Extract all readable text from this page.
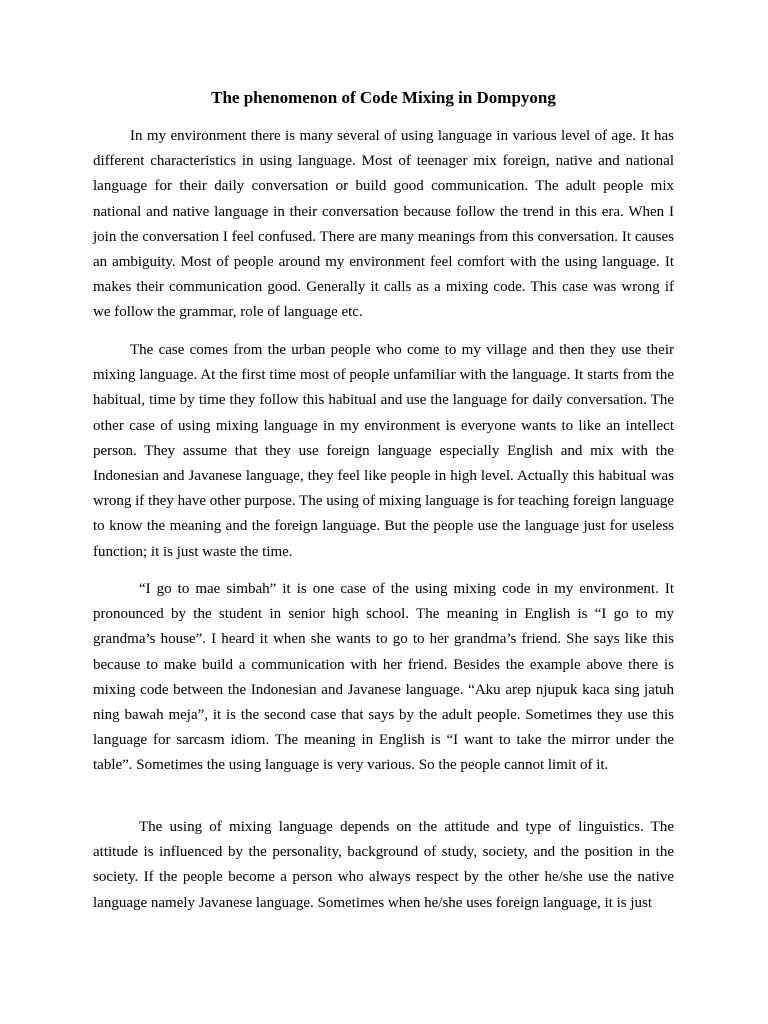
The phenomenon of Code Mixing in Dompyong

In my environment there is many several of using language in various level of age. It has different characteristics in using language. Most of teenager mix foreign, native and national language for their daily conversation or build good communication. The adult people mix national and native language in their conversation because follow the trend in this era. When I join the conversation I feel confused. There are many meanings from this conversation. It causes an ambiguity. Most of people around my environment feel comfort with the using language. It makes their communication good. Generally it calls as a mixing code. This case was wrong if we follow the grammar, role of language etc.

The case comes from the urban people who come to my village and then they use their mixing language. At the first time most of people unfamiliar with the language. It starts from the habitual, time by time they follow this habitual and use the language for daily conversation. The other case of using mixing language in my environment is everyone wants to like an intellect person. They assume that they use foreign language especially English and mix with the Indonesian and Javanese language, they feel like people in high level. Actually this habitual was wrong if they have other purpose. The using of mixing language is for teaching foreign language to know the meaning and the foreign language. But the people use the language just for useless function; it is just waste the time.

“I go to mae simbah” it is one case of the using mixing code in my environment. It pronounced by the student in senior high school. The meaning in English is “I go to my grandma’s house”. I heard it when she wants to go to her grandma’s friend. She says like this because to make build a communication with her friend. Besides the example above there is mixing code between the Indonesian and Javanese language. “Aku arep njupuk kaca sing jatuh ning bawah meja”, it is the second case that says by the adult people. Sometimes they use this language for sarcasm idiom. The meaning in English is “I want to take the mirror under the table”. Sometimes the using language is very various. So the people cannot limit of it.

The using of mixing language depends on the attitude and type of linguistics. The attitude is influenced by the personality, background of study, society, and the position in the society. If the people become a person who always respect by the other he/she use the native language namely Javanese language. Sometimes when he/she uses foreign language, it is just
